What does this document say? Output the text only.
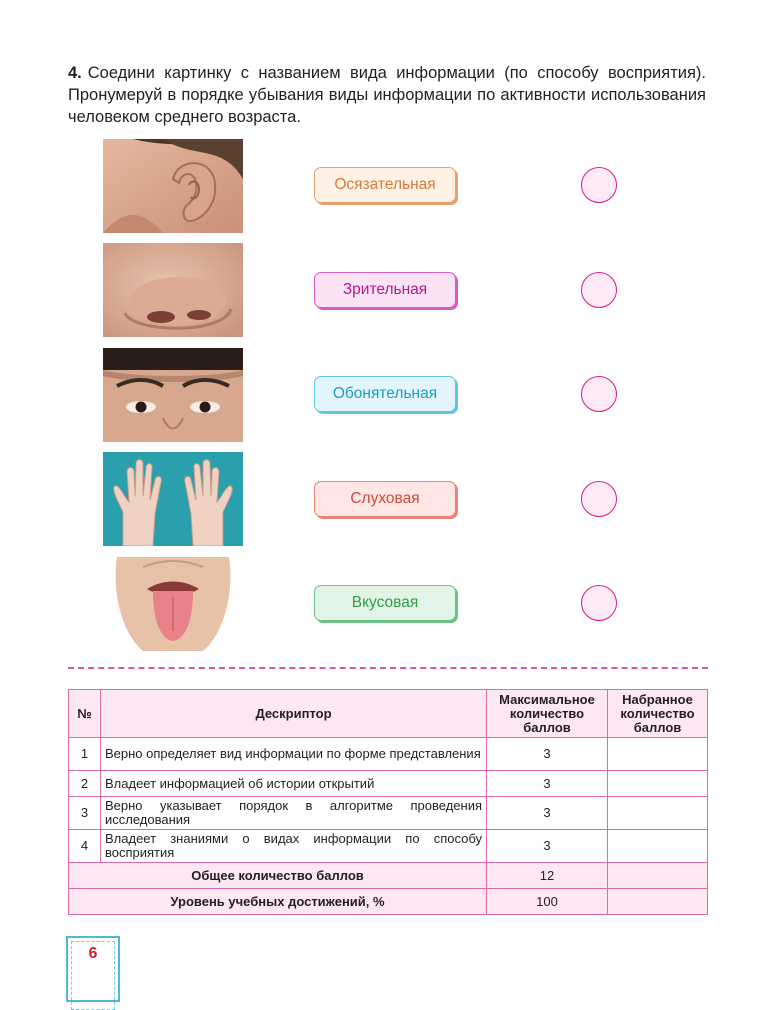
4. Соедини картинку с названием вида информации (по способу восприятия). Пронумеруй в порядке убывания виды информации по активности использования человеком среднего возраста.
Осязательная
Зрительная
Обонятельная
Слуховая
Вкусовая
№	Дескриптор	Максимальное количество баллов	Набранное количество баллов
1	Верно определяет вид информации по форме представления	3	
2	Владеет информацией об истории открытий	3	
3	Верно указывает порядок в алгоритме проведения исследования	3	
4	Владеет знаниями о видах информации по способу восприятия	3	
Общее количество баллов		12	
Уровень учебных достижений, %		100	
6
